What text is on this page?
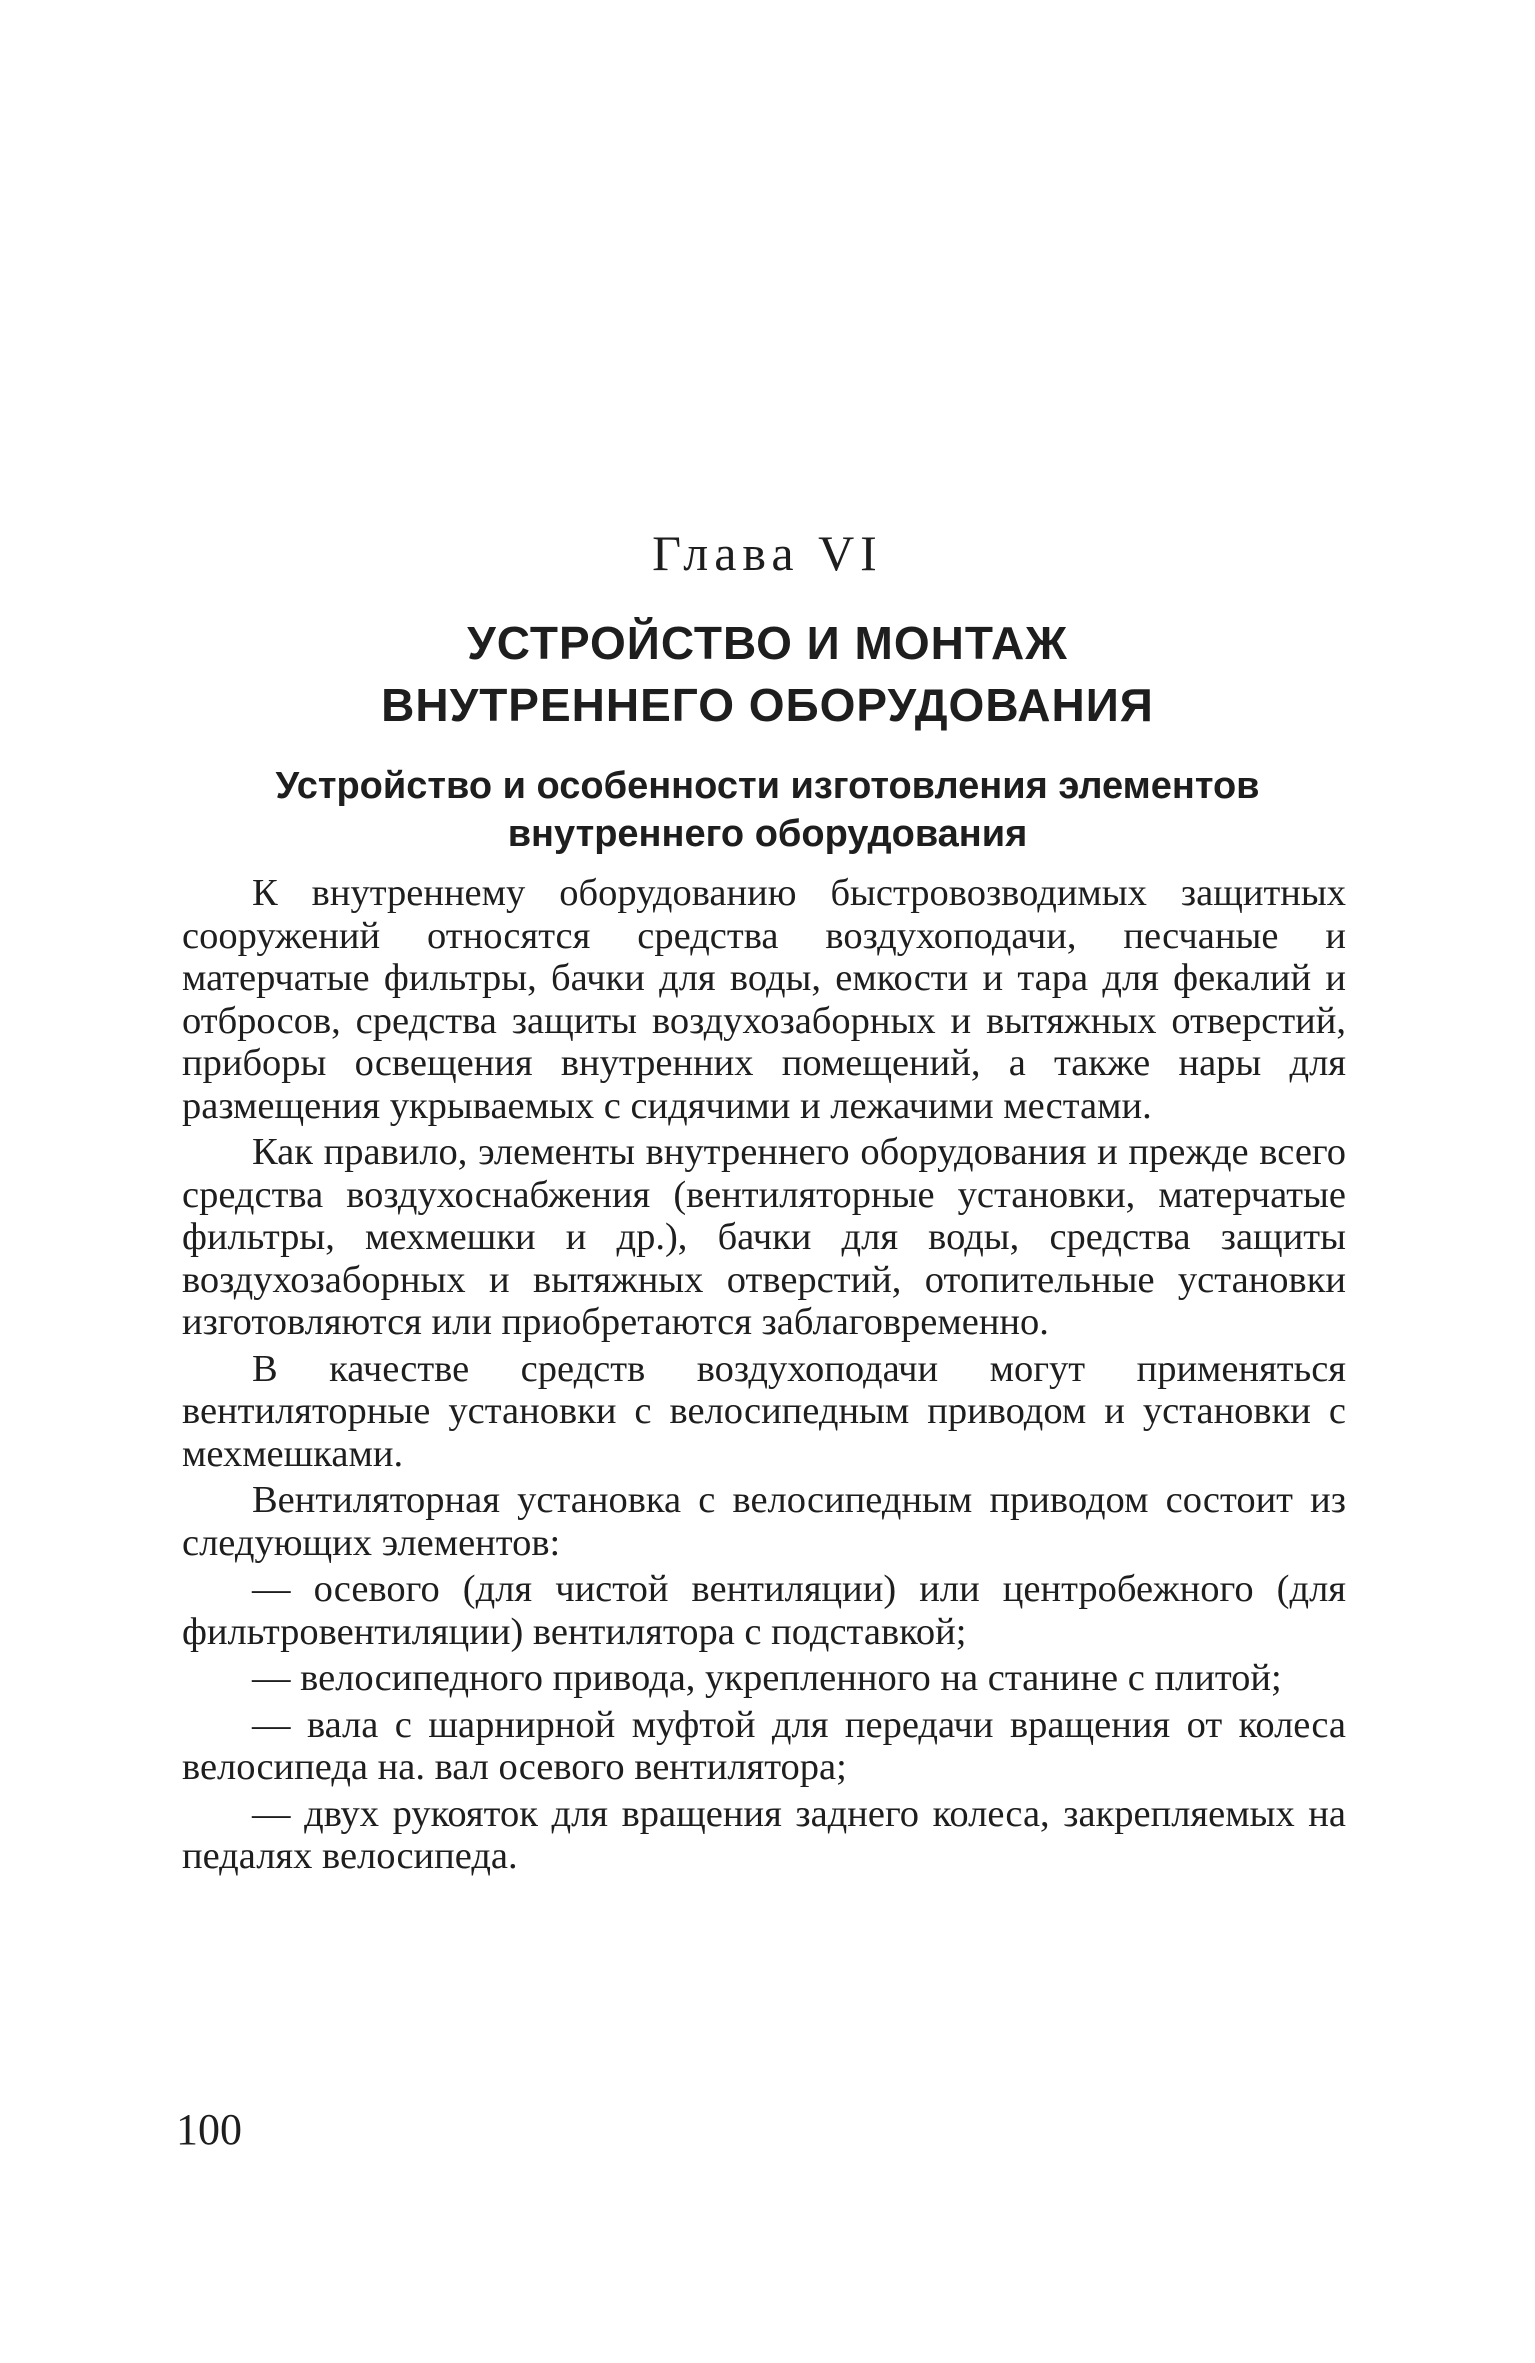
Глава VI
УСТРОЙСТВО И МОНТАЖ
ВНУТРЕННЕГО ОБОРУДОВАНИЯ
Устройство и особенности изготовления элементов
внутреннего оборудования

К внутреннему оборудованию быстровозводимых защитных сооружений относятся средства воздухоподачи, песчаные и матерчатые фильтры, бачки для воды, емкости и тара для фекалий и отбросов, средства защиты воздухозаборных и вытяжных отверстий, приборы освещения внутренних помещений, а также нары для размещения укрываемых с сидячими и лежачими местами.

Как правило, элементы внутреннего оборудования и прежде всего средства воздухоснабжения (вентиляторные установки, матерчатые фильтры, мехмешки и др.), бачки для воды, средства защиты воздухозаборных и вытяжных отверстий, отопительные установки изготовляются или приобретаются заблаговременно.

В качестве средств воздухоподачи могут применяться вентиляторные установки с велосипедным приводом и установки с мехмешками.

Вентиляторная установка с велосипедным приводом состоит из следующих элементов:

— осевого (для чистой вентиляции) или центробежного (для фильтровентиляции) вентилятора с подставкой;

— велосипедного привода, укрепленного на станине с плитой;

— вала с шарнирной муфтой для передачи вращения от колеса велосипеда на. вал осевого вентилятора;

— двух рукояток для вращения заднего колеса, закрепляемых на педалях велосипеда.

100
